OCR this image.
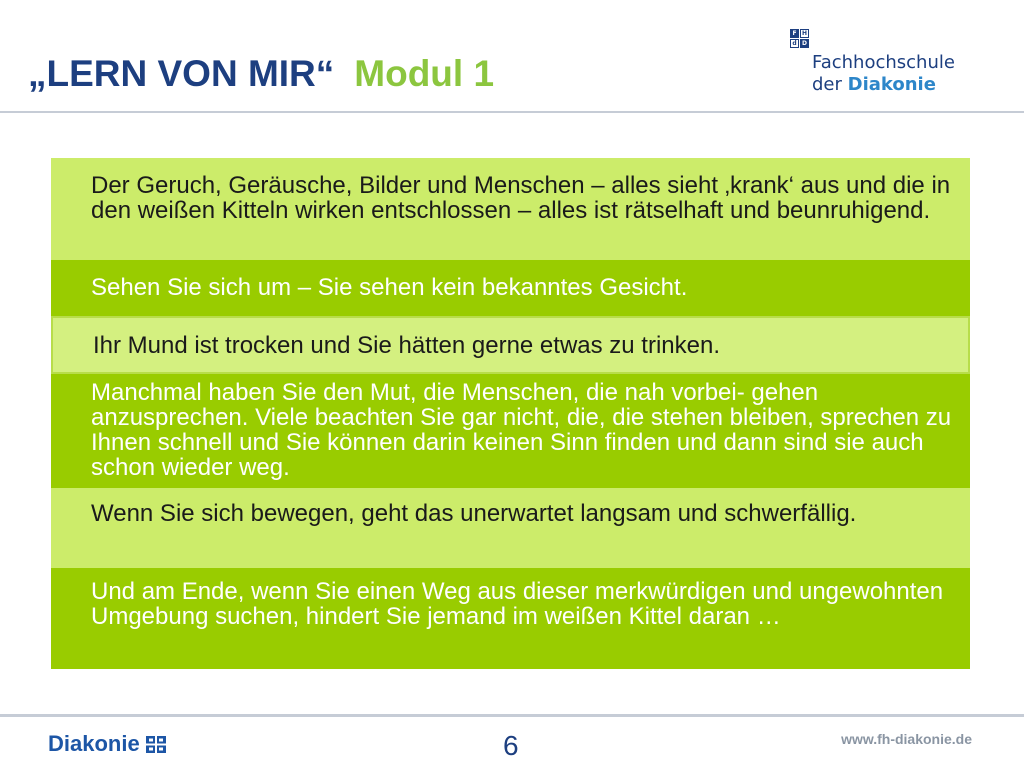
„LERN VON MIR“ Modul 1
F H
d D
Fachhochschule
der Diakonie

Der Geruch, Geräusche, Bilder und Menschen – alles sieht ‚krank‘ aus und die in den weißen Kitteln wirken entschlossen – alles ist rätselhaft und beunruhigend.

Sehen Sie sich um – Sie sehen kein bekanntes Gesicht.

Ihr Mund ist trocken und Sie hätten gerne etwas zu trinken.

Manchmal haben Sie den Mut, die Menschen, die nah vorbei- gehen anzusprechen. Viele beachten Sie gar nicht, die, die stehen bleiben, sprechen zu Ihnen schnell und Sie können darin keinen Sinn finden und dann sind sie auch schon wieder weg.

Wenn Sie sich bewegen, geht das unerwartet langsam und schwerfällig.

Und am Ende, wenn Sie einen Weg aus dieser merkwürdigen und ungewohnten Umgebung suchen, hindert Sie jemand im weißen Kittel daran …

Diakonie	6	www.fh-diakonie.de
